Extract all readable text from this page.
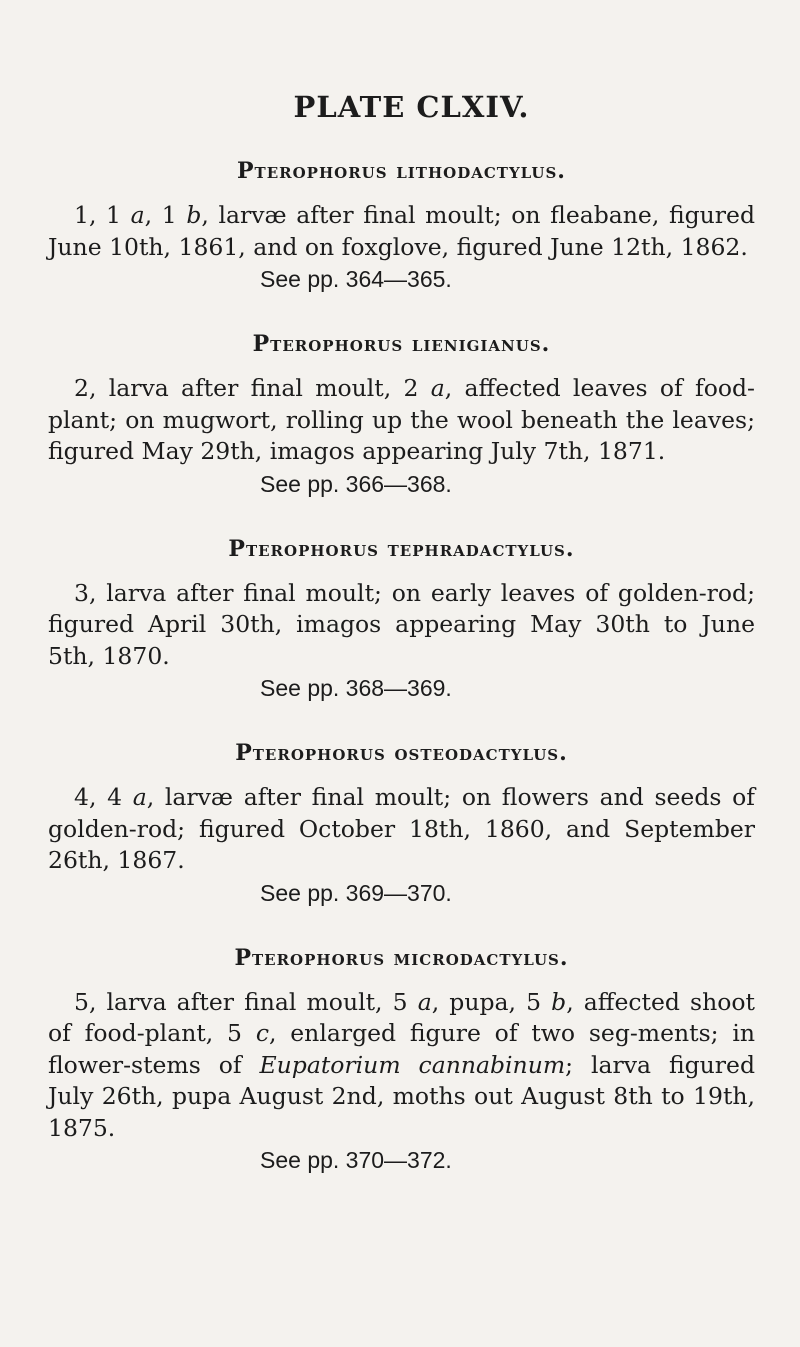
PLATE CLXIV.
Pterophorus lithodactylus.

1, 1 a, 1 b, larvæ after final moult; on fleabane, figured June 10th, 1861, and on foxglove, figured June 12th, 1862.

See pp. 364—365.

Pterophorus lienigianus.

2, larva after final moult, 2 a, affected leaves of food-plant; on mugwort, rolling up the wool beneath the leaves; figured May 29th, imagos appearing July 7th, 1871.

See pp. 366—368.

Pterophorus tephradactylus.

3, larva after final moult; on early leaves of golden-rod; figured April 30th, imagos appearing May 30th to June 5th, 1870.

See pp. 368—369.

Pterophorus osteodactylus.

4, 4 a, larvæ after final moult; on flowers and seeds of golden-rod; figured October 18th, 1860, and September 26th, 1867.

See pp. 369—370.

Pterophorus microdactylus.

5, larva after final moult, 5 a, pupa, 5 b, affected shoot of food-plant, 5 c, enlarged figure of two seg-ments; in flower-stems of Eupatorium cannabinum; larva figured July 26th, pupa August 2nd, moths out August 8th to 19th, 1875.

See pp. 370—372.
